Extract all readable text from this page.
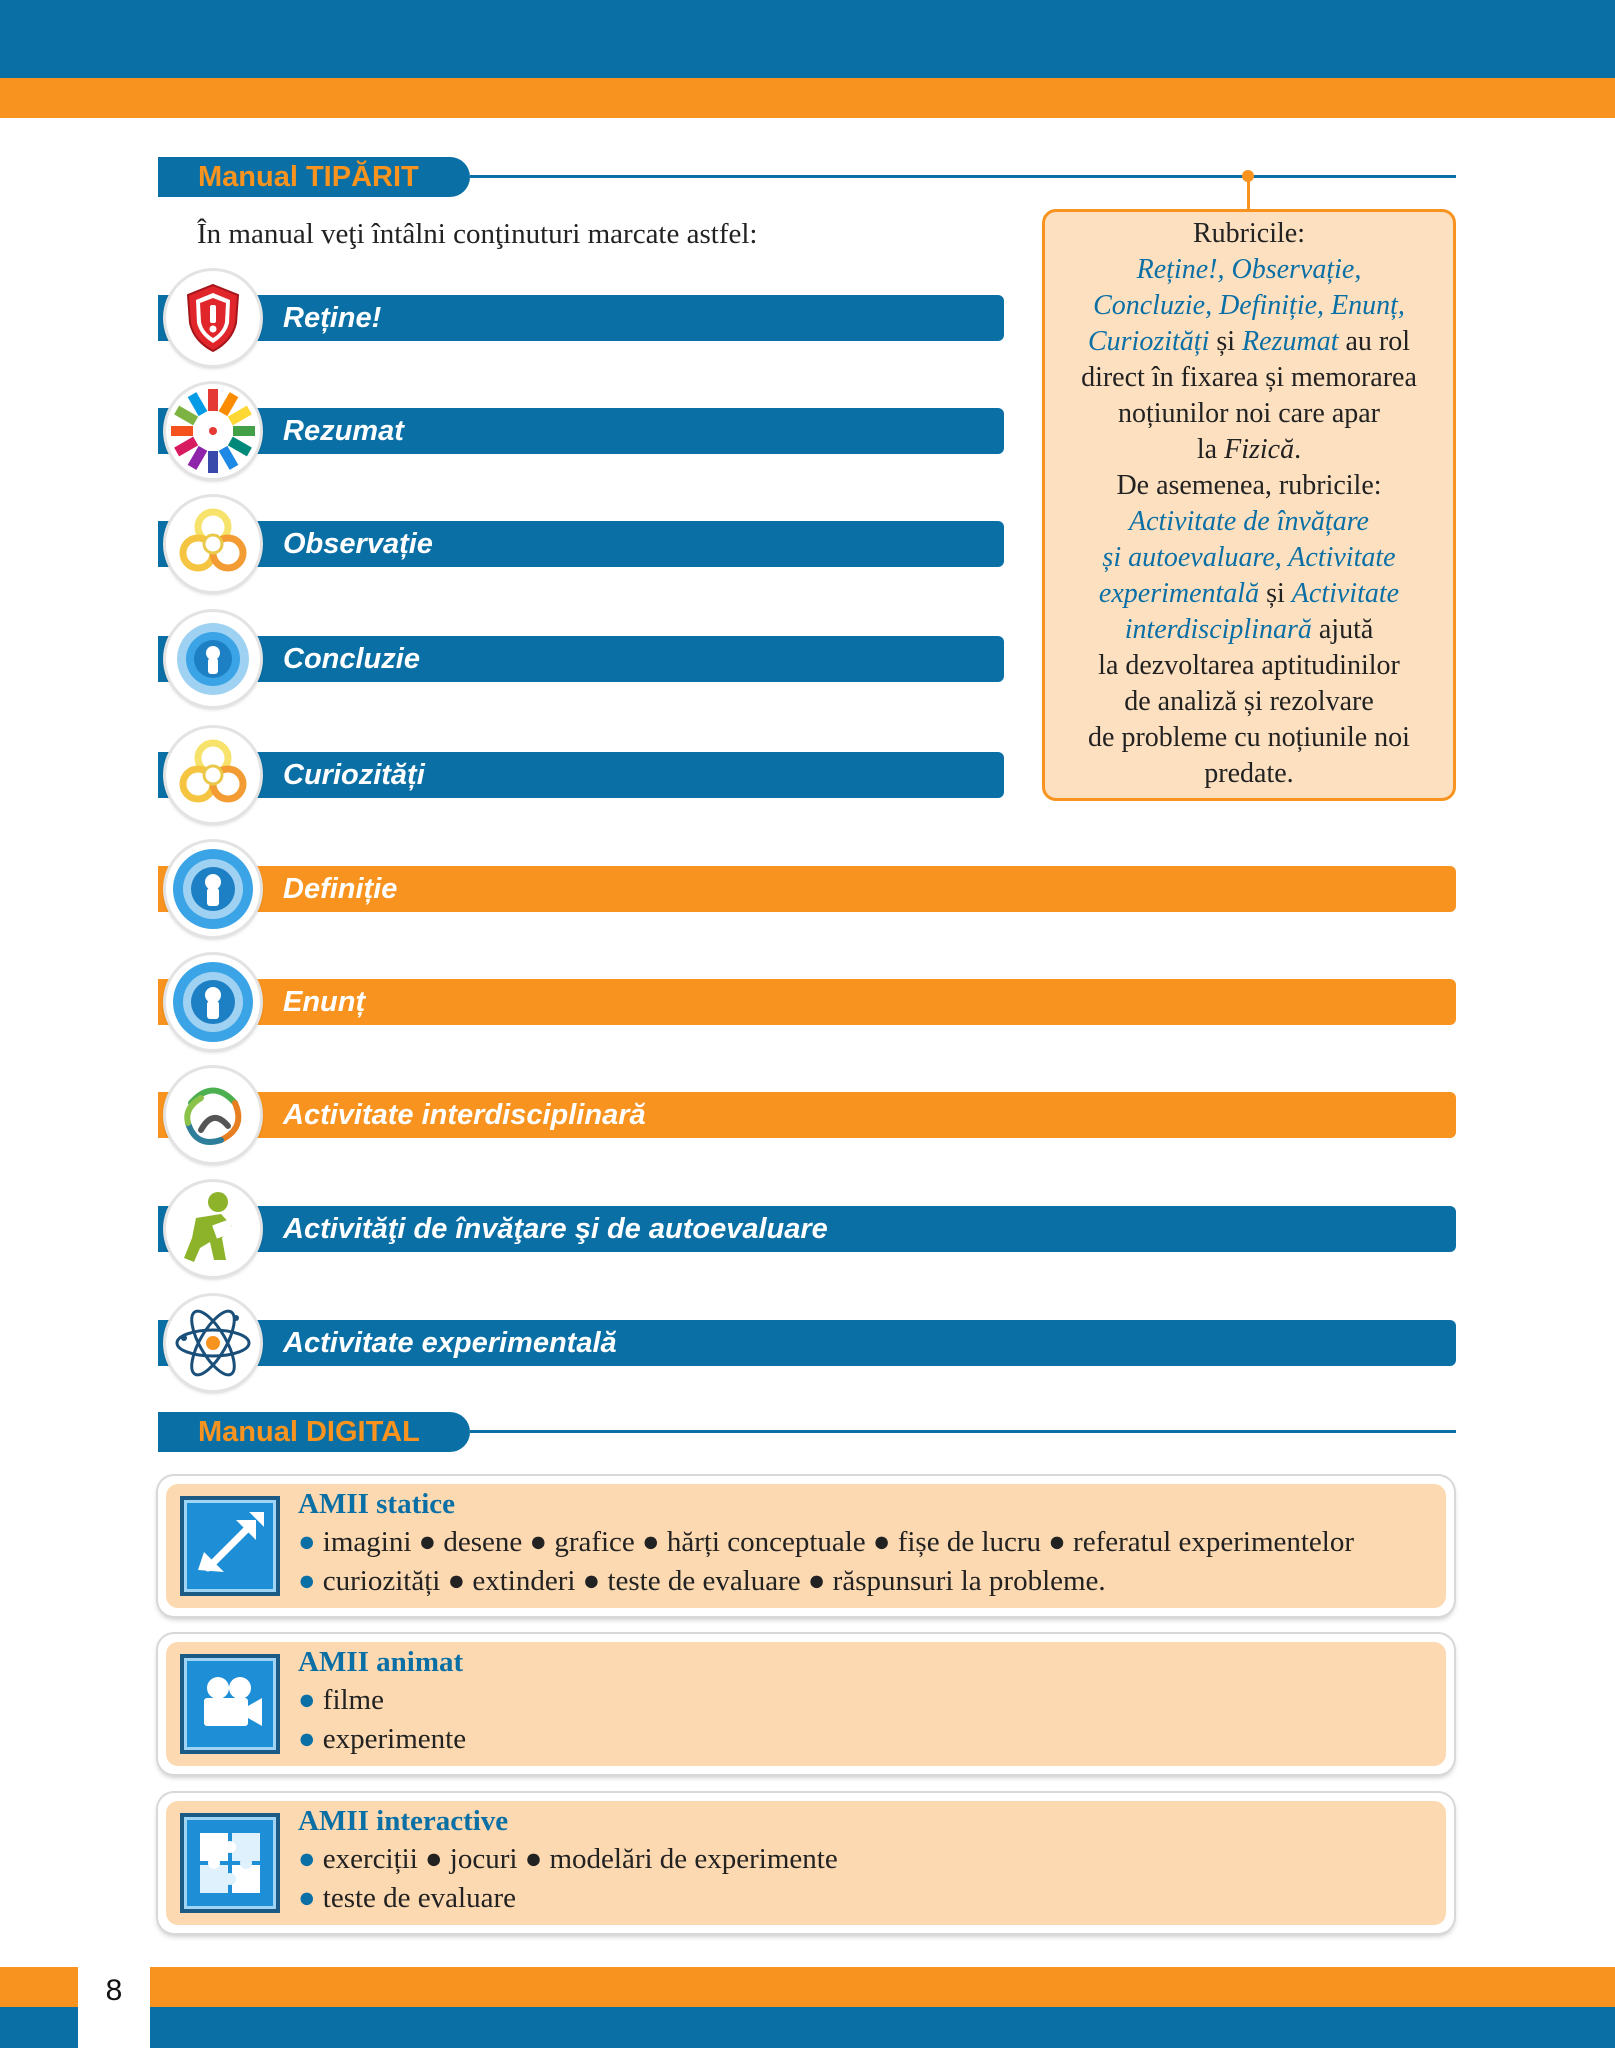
Manual TIPĂRIT
În manual veţi întâlni conţinuturi marcate astfel:
Reține!
Rezumat
Observație
Concluzie
Curiozități
Definiție
Enunț
Activitate interdisciplinară
Activităţi de învăţare şi de autoevaluare
Activitate experimentală
Rubricile:
Reține!, Observație,
Concluzie, Definiție, Enunț,
Curiozități și Rezumat au rol
direct în fixarea și memorarea
noțiunilor noi care apar
la Fizică.
De asemenea, rubricile:
Activitate de învățare
și autoevaluare, Activitate
experimentală și Activitate
interdisciplinară ajută
la dezvoltarea aptitudinilor
de analiză și rezolvare
de probleme cu noțiunile noi
predate.
Manual DIGITAL
AMII statice
● imagini ● desene ● grafice ● hărți conceptuale ● fișe de lucru ● referatul experimentelor
● curiozități ● extinderi ● teste de evaluare ● răspunsuri la probleme.
AMII animat
● filme
● experimente
AMII interactive
● exerciții ● jocuri ● modelări de experimente
● teste de evaluare
8
